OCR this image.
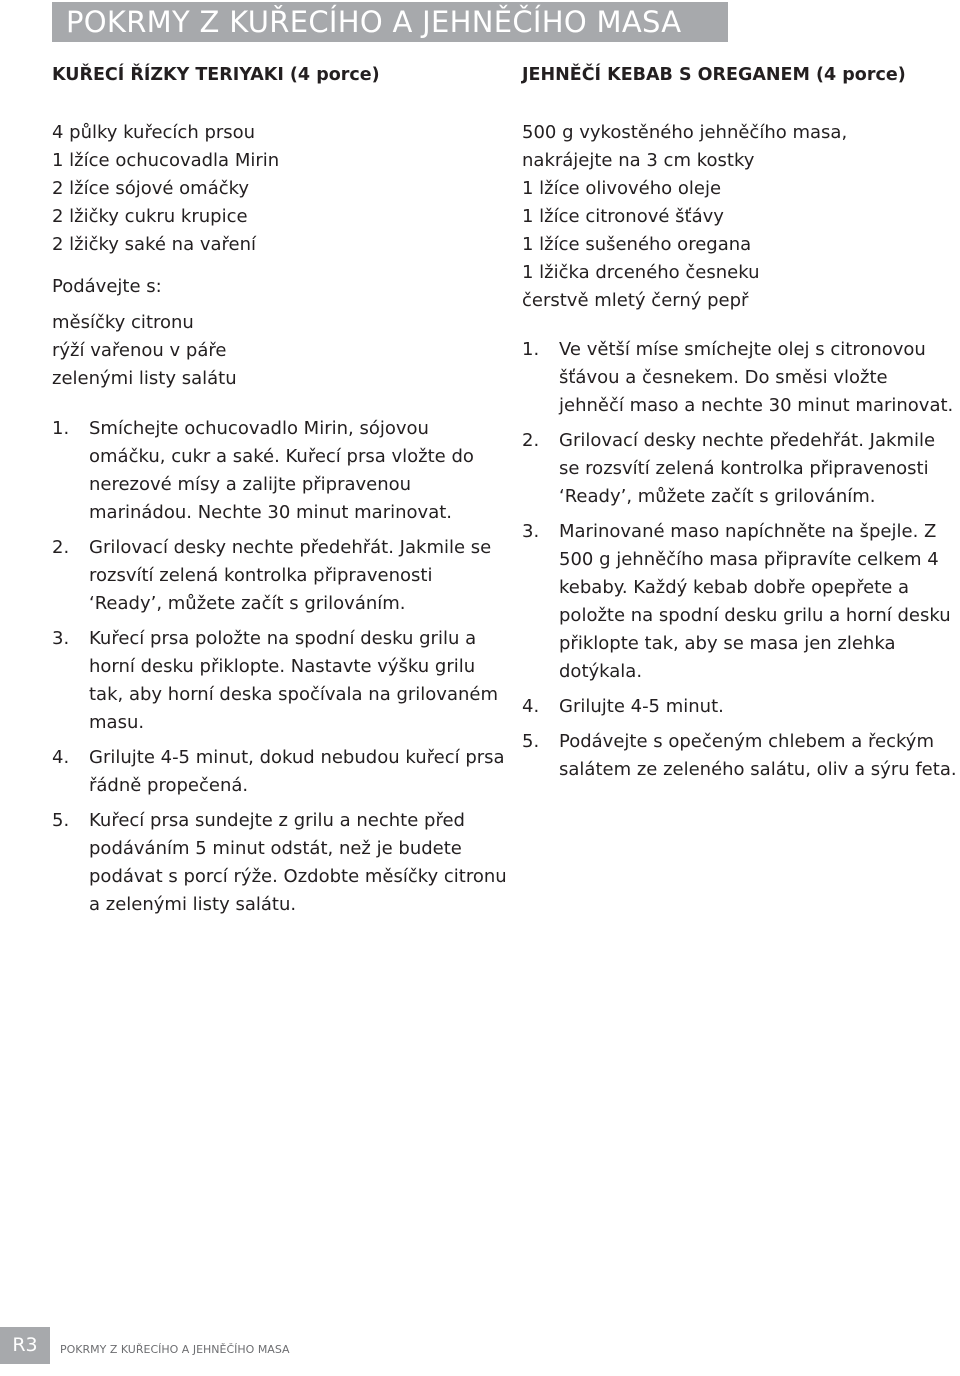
POKRMY Z KUŘECÍHO A JEHNĚČÍHO MASA
KUŘECÍ ŘÍZKY TERIYAKI (4 porce)
4 půlky kuřecích prsou
1 lžíce ochucovadla Mirin
2 lžíce sójové omáčky
2 lžičky cukru krupice
2 lžičky saké na vaření
Podávejte s:
měsíčky citronu
rýží vařenou v páře
zelenými listy salátu
1. Smíchejte ochucovadlo Mirin, sójovou omáčku, cukr a saké. Kuřecí prsa vložte do nerezové mísy a zalijte připravenou marinádou. Nechte 30 minut marinovat.
2. Grilovací desky nechte předehřát. Jakmile se rozsvítí zelená kontrolka připravenosti ‘Ready’, můžete začít s grilováním.
3. Kuřecí prsa položte na spodní desku grilu a horní desku přiklopte. Nastavte výšku grilu tak, aby horní deska spočívala na grilovaném masu.
4. Grilujte 4-5 minut, dokud nebudou kuřecí prsa řádně propečená.
5. Kuřecí prsa sundejte z grilu a nechte před podáváním 5 minut odstát, než je budete podávat s porcí rýže. Ozdobte měsíčky citronu a zelenými listy salátu.
JEHNĚČÍ KEBAB S OREGANEM (4 porce)
500 g vykostěného jehněčího masa,
nakrájejte na 3 cm kostky
1 lžíce olivového oleje
1 lžíce citronové šťávy
1 lžíce sušeného oregana
1 lžička drceného česneku
čerstvě mletý černý pepř
1. Ve větší míse smíchejte olej s citronovou šťávou a česnekem. Do směsi vložte jehněčí maso a nechte 30 minut marinovat.
2. Grilovací desky nechte předehřát. Jakmile se rozsvítí zelená kontrolka připravenosti ‘Ready’, můžete začít s grilováním.
3. Marinované maso napíchněte na špejle. Z 500 g jehněčího masa připravíte celkem 4 kebaby. Každý kebab dobře opepřete a položte na spodní desku grilu a horní desku přiklopte tak, aby se masa jen zlehka dotýkala.
4. Grilujte 4-5 minut.
5. Podávejte s opečeným chlebem a řeckým salátem ze zeleného salátu, oliv a sýru feta.
R3	POKRMY Z KUŘECÍHO A JEHNĚČÍHO MASA
